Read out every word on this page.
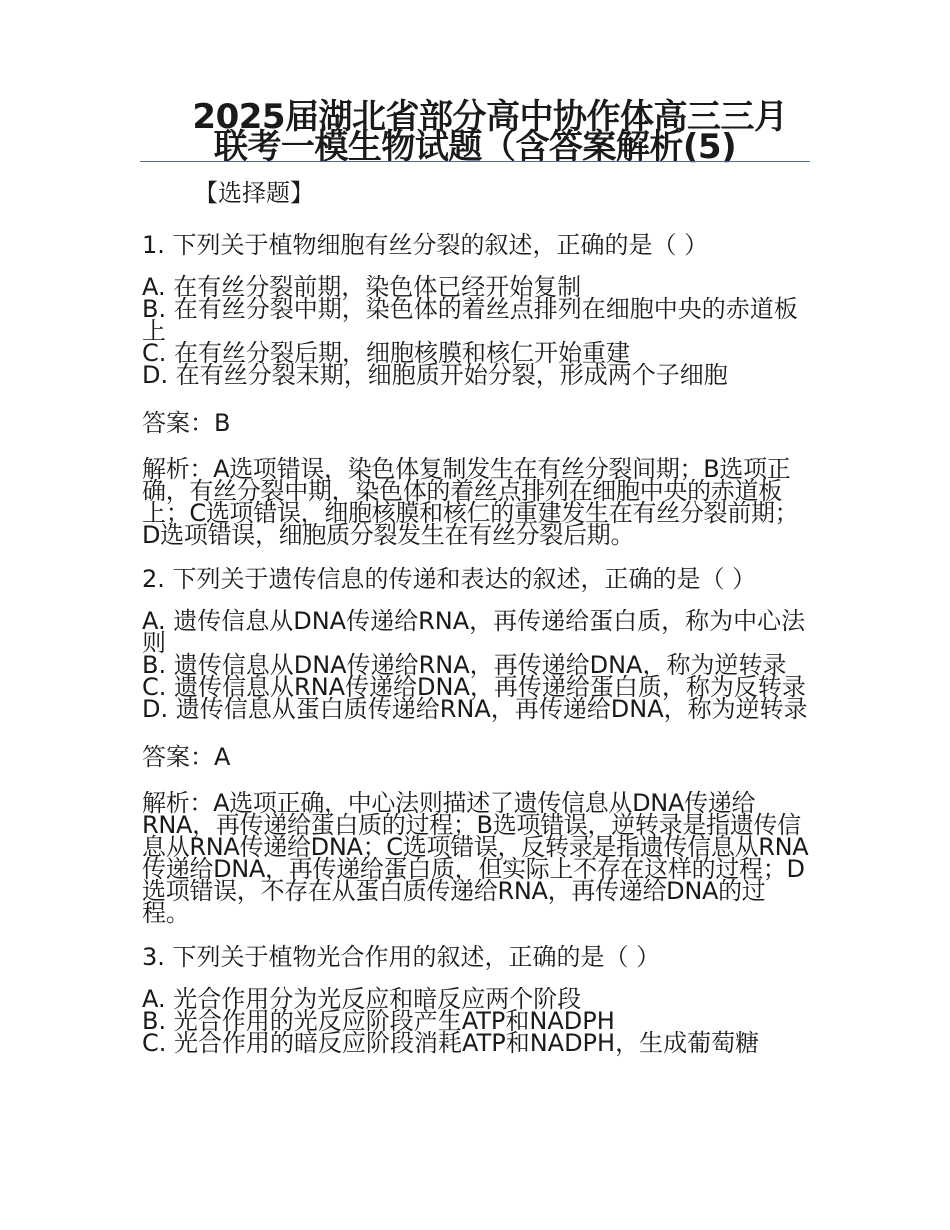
2025届湖北省部分高中协作体高三三月
联考一模生物试题（含答案解析(5)
【选择题】
1. 下列关于植物细胞有丝分裂的叙述，正确的是（ ）
A. 在有丝分裂前期，染色体已经开始复制
B. 在有丝分裂中期，染色体的着丝点排列在细胞中央的赤道板上
C. 在有丝分裂后期，细胞核膜和核仁开始重建
D. 在有丝分裂末期，细胞质开始分裂，形成两个子细胞
答案：B
解析：A选项错误，染色体复制发生在有丝分裂间期；B选项正确，有丝分裂中期，染色体的着丝点排列在细胞中央的赤道板上；C选项错误，细胞核膜和核仁的重建发生在有丝分裂前期；D选项错误，细胞质分裂发生在有丝分裂后期。
2. 下列关于遗传信息的传递和表达的叙述，正确的是（ ）
A. 遗传信息从DNA传递给RNA，再传递给蛋白质，称为中心法则
B. 遗传信息从DNA传递给RNA，再传递给DNA，称为逆转录
C. 遗传信息从RNA传递给DNA，再传递给蛋白质，称为反转录
D. 遗传信息从蛋白质传递给RNA，再传递给DNA，称为逆转录
答案：A
解析：A选项正确，中心法则描述了遗传信息从DNA传递给RNA，再传递给蛋白质的过程；B选项错误，逆转录是指遗传信息从RNA传递给DNA；C选项错误，反转录是指遗传信息从RNA传递给DNA，再传递给蛋白质，但实际上不存在这样的过程；D选项错误，不存在从蛋白质传递给RNA，再传递给DNA的过程。
3. 下列关于植物光合作用的叙述，正确的是（ ）
A. 光合作用分为光反应和暗反应两个阶段
B. 光合作用的光反应阶段产生ATP和NADPH
C. 光合作用的暗反应阶段消耗ATP和NADPH，生成葡萄糖
